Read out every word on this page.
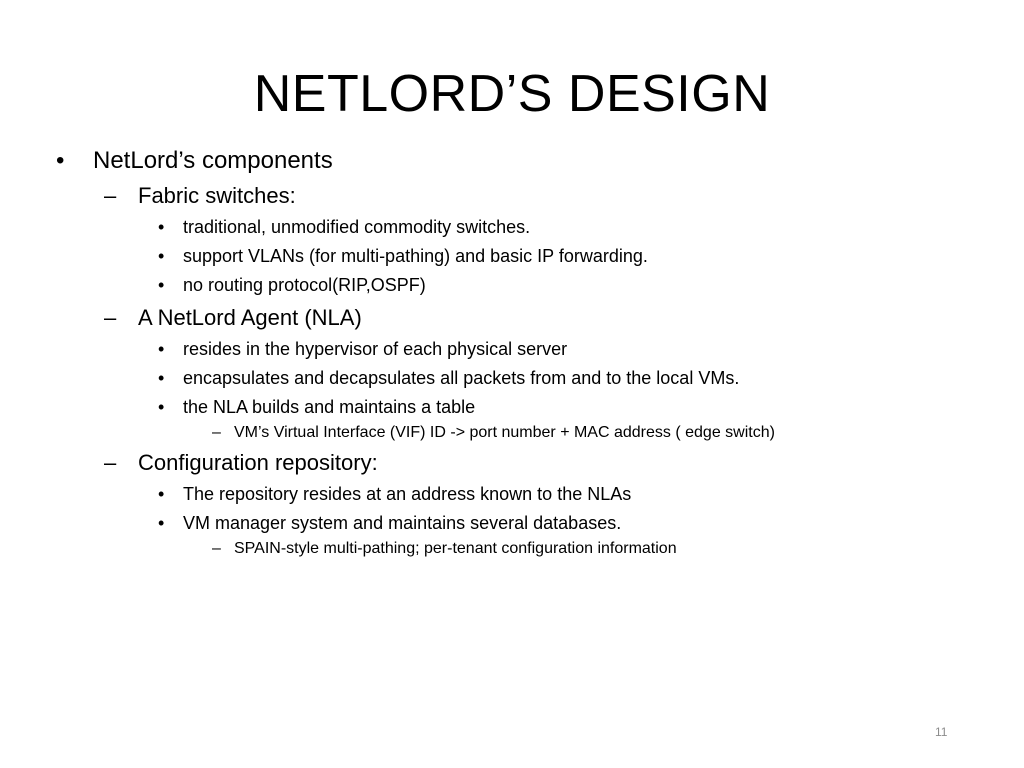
NETLORD’S DESIGN
• NetLord’s components
– Fabric switches:
• traditional, unmodified commodity switches.
• support VLANs (for multi-pathing) and basic IP forwarding.
• no routing protocol(RIP,OSPF)
– A NetLord Agent (NLA)
• resides in the hypervisor of each physical server
• encapsulates and decapsulates all packets from and to the local VMs.
• the NLA builds and maintains a table
– VM’s Virtual Interface (VIF) ID -> port number + MAC address ( edge switch)
– Configuration repository:
• The repository resides at an address known to the NLAs
• VM manager system and maintains several databases.
– SPAIN-style multi-pathing; per-tenant configuration information
11
